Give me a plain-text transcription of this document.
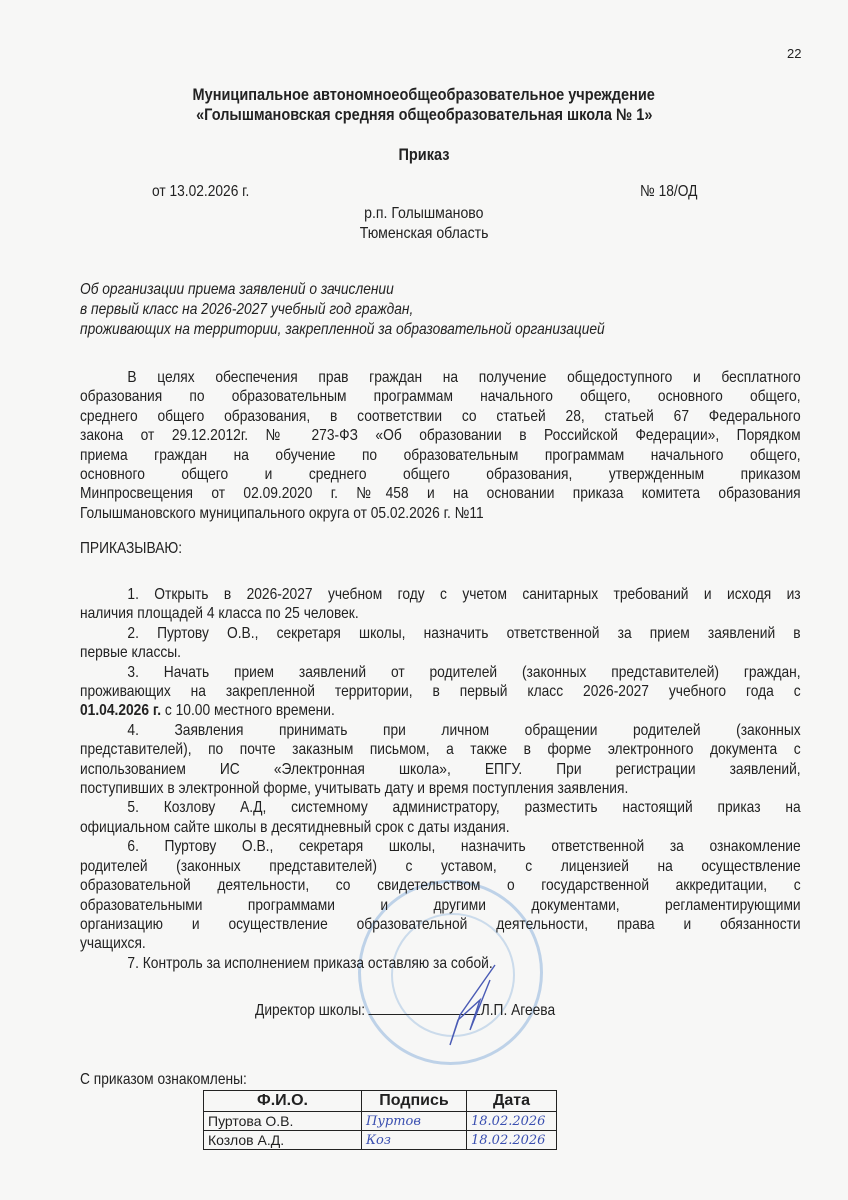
22
Муниципальное автономноеобщеобразовательное учреждение
«Голышмановская средняя общеобразовательная школа № 1»
Приказ
от 13.02.2026 г.	№ 18/ОД
р.п. Голышманово
Тюменская область
Об организации приема заявлений о зачислении
в первый класс на 2026-2027 учебный год граждан,
проживающих на территории, закрепленной за образовательной организацией
В целях обеспечения прав граждан на получение общедоступного и бесплатного
образования по образовательным программам начального общего, основного общего,
среднего общего образования, в соответствии со статьей 28, статьей 67 Федерального
закона от 29.12.2012г. № 273-ФЗ «Об образовании в Российской Федерации», Порядком
приема граждан на обучение по образовательным программам начального общего,
основного общего и среднего общего образования, утвержденным приказом
Минпросвещения от 02.09.2020 г. №458 и на основании приказа комитета образования
Голышмановского муниципального округа от 05.02.2026 г. №11
ПРИКАЗЫВАЮ:
1. Открыть в 2026-2027 учебном году с учетом санитарных требований и исходя из
наличия площадей 4 класса по 25 человек.
2. Пуртову О.В., секретаря школы, назначить ответственной за прием заявлений в
первые классы.
3. Начать прием заявлений от родителей (законных представителей) граждан,
проживающих на закрепленной территории, в первый класс 2026-2027 учебного года с
01.04.2026 г. с 10.00 местного времени.
4. Заявления принимать при личном обращении родителей (законных
представителей), по почте заказным письмом, а также в форме электронного документа с
использованием ИС «Электронная школа», ЕПГУ. При регистрации заявлений,
поступивших в электронной форме, учитывать дату и время поступления заявления.
5. Козлову А.Д, системному администратору, разместить настоящий приказ на
официальном сайте школы в десятидневный срок с даты издания.
6. Пуртову О.В., секретаря школы, назначить ответственной за ознакомление
родителей (законных представителей) с уставом, с лицензией на осуществление
образовательной деятельности, со свидетельством о государственной аккредитации, с
образовательными программами и другими документами, регламентирующими
организацию и осуществление образовательной деятельности, права и обязанности
учащихся.
7. Контроль за исполнением приказа оставляю за собой.
Директор школы:	Л.П. Агеева
С приказом ознакомлены:
Ф.И.О.	Подпись	Дата
Пуртова О.В.	Пуртов	18.02.2026
Козлов А.Д.	Коз	18.02.2026
